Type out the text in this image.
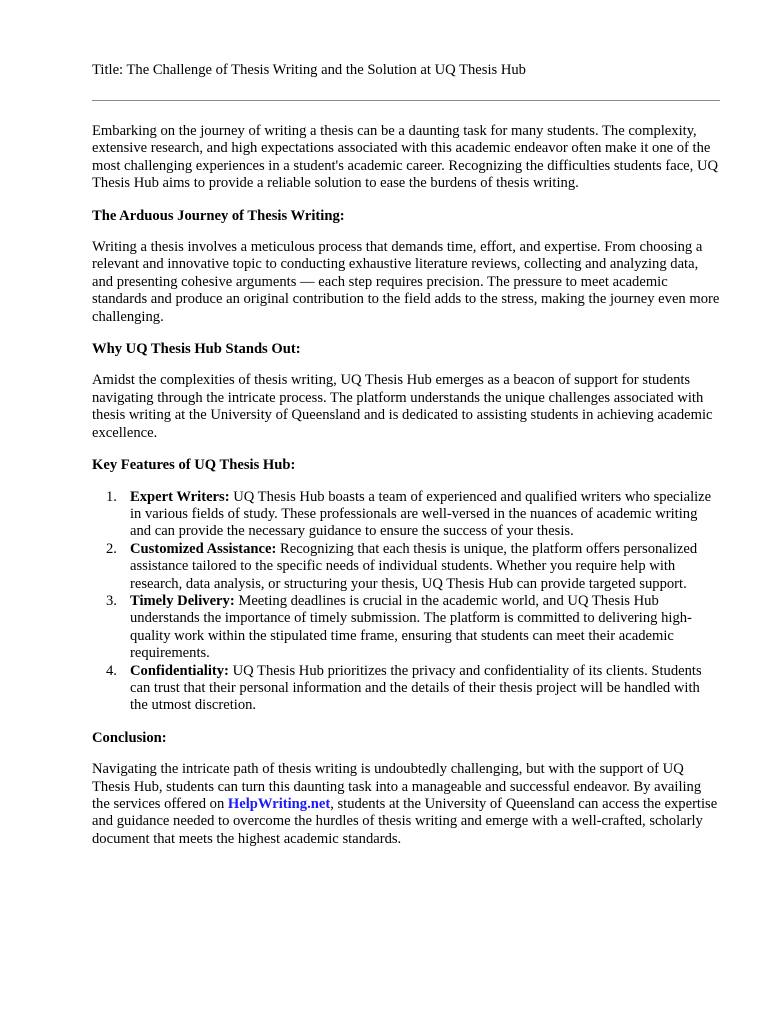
Title: The Challenge of Thesis Writing and the Solution at UQ Thesis Hub

Embarking on the journey of writing a thesis can be a daunting task for many students. The complexity, extensive research, and high expectations associated with this academic endeavor often make it one of the most challenging experiences in a student's academic career. Recognizing the difficulties students face, UQ Thesis Hub aims to provide a reliable solution to ease the burdens of thesis writing.

The Arduous Journey of Thesis Writing:

Writing a thesis involves a meticulous process that demands time, effort, and expertise. From choosing a relevant and innovative topic to conducting exhaustive literature reviews, collecting and analyzing data, and presenting cohesive arguments — each step requires precision. The pressure to meet academic standards and produce an original contribution to the field adds to the stress, making the journey even more challenging.

Why UQ Thesis Hub Stands Out:

Amidst the complexities of thesis writing, UQ Thesis Hub emerges as a beacon of support for students navigating through the intricate process. The platform understands the unique challenges associated with thesis writing at the University of Queensland and is dedicated to assisting students in achieving academic excellence.

Key Features of UQ Thesis Hub:
1. Expert Writers: UQ Thesis Hub boasts a team of experienced and qualified writers who specialize in various fields of study. These professionals are well-versed in the nuances of academic writing and can provide the necessary guidance to ensure the success of your thesis.
2. Customized Assistance: Recognizing that each thesis is unique, the platform offers personalized assistance tailored to the specific needs of individual students. Whether you require help with research, data analysis, or structuring your thesis, UQ Thesis Hub can provide targeted support.
3. Timely Delivery: Meeting deadlines is crucial in the academic world, and UQ Thesis Hub understands the importance of timely submission. The platform is committed to delivering high-quality work within the stipulated time frame, ensuring that students can meet their academic requirements.
4. Confidentiality: UQ Thesis Hub prioritizes the privacy and confidentiality of its clients. Students can trust that their personal information and the details of their thesis project will be handled with the utmost discretion.
Conclusion:

Navigating the intricate path of thesis writing is undoubtedly challenging, but with the support of UQ Thesis Hub, students can turn this daunting task into a manageable and successful endeavor. By availing the services offered on HelpWriting.net, students at the University of Queensland can access the expertise and guidance needed to overcome the hurdles of thesis writing and emerge with a well-crafted, scholarly document that meets the highest academic standards.
